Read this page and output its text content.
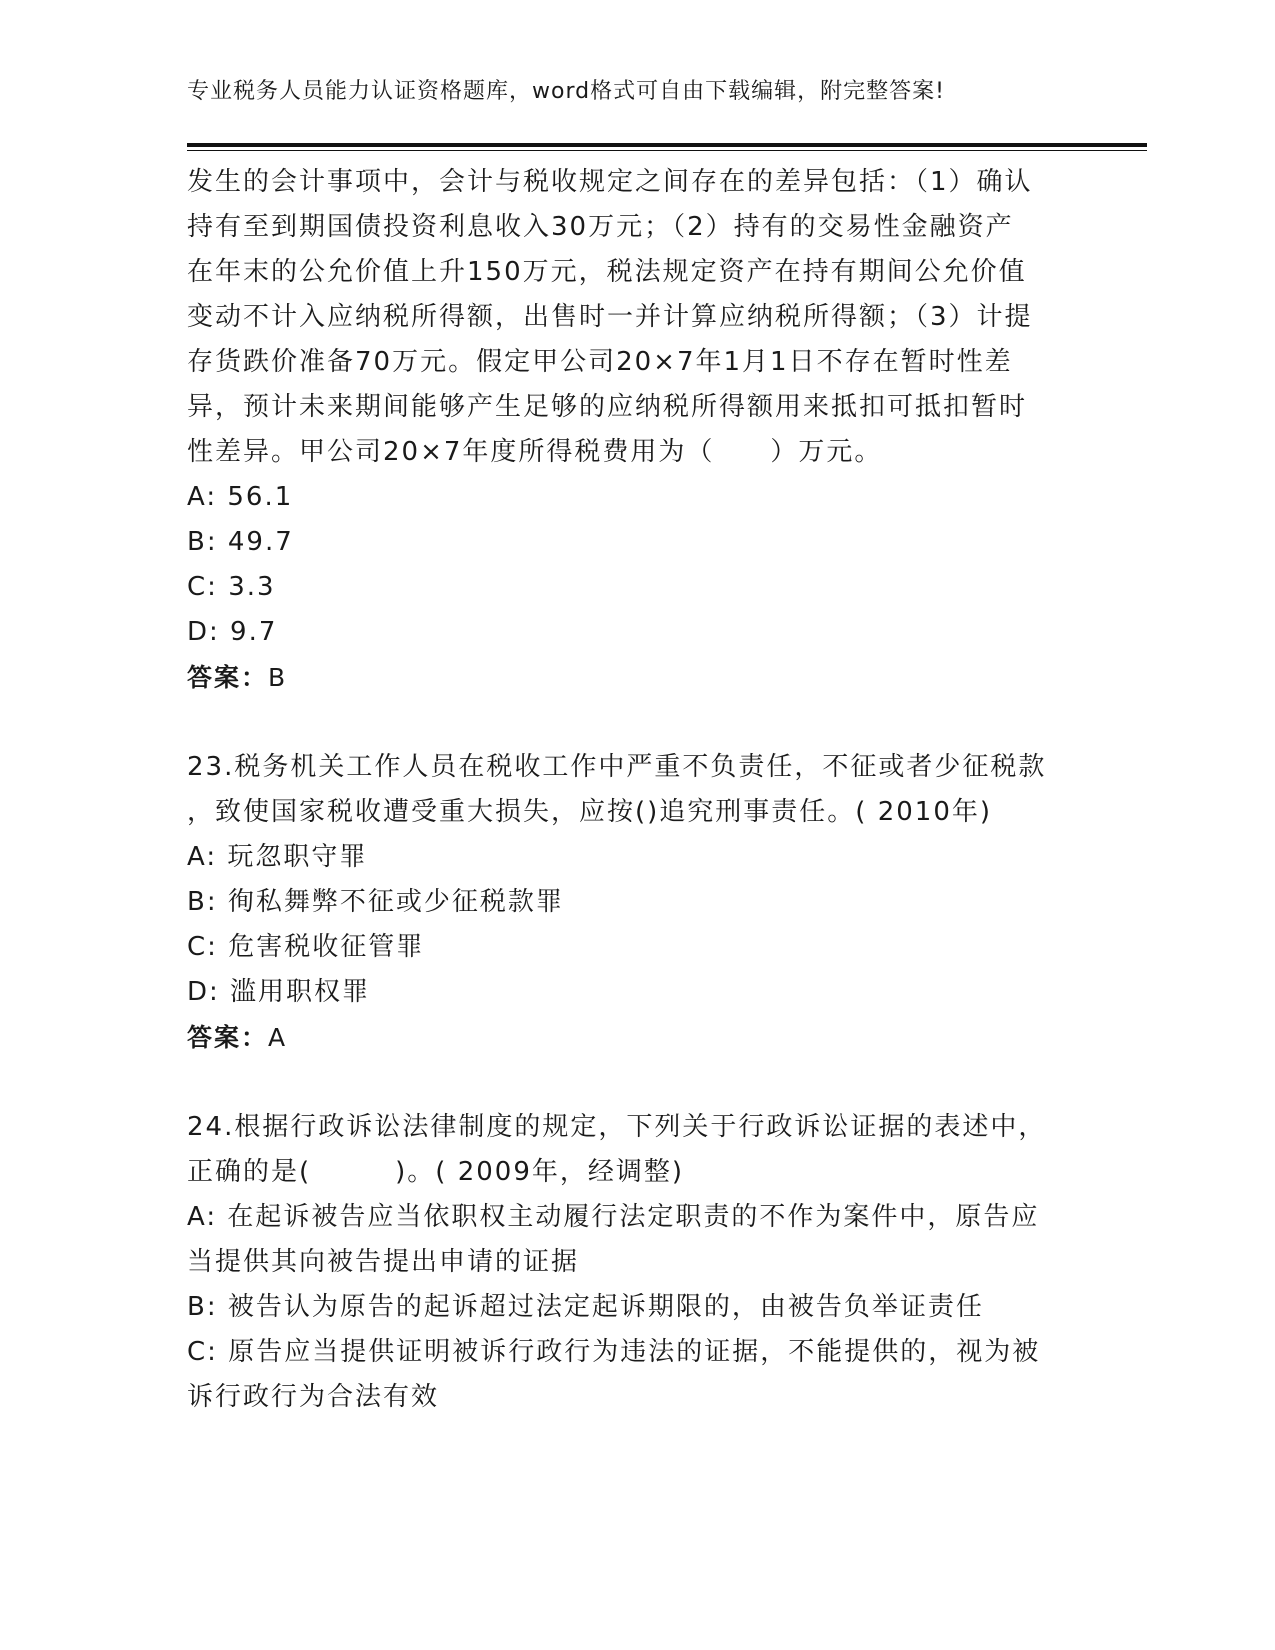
专业税务人员能力认证资格题库，word格式可自由下载编辑，附完整答案!

发生的会计事项中，会计与税收规定之间存在的差异包括：（1）确认

持有至到期国债投资利息收入30万元；（2）持有的交易性金融资产

在年末的公允价值上升150万元，税法规定资产在持有期间公允价值

变动不计入应纳税所得额，出售时一并计算应纳税所得额；（3）计提

存货跌价准备70万元。假定甲公司20×7年1月1日不存在暂时性差

异，预计未来期间能够产生足够的应纳税所得额用来抵扣可抵扣暂时

性差异。甲公司20×7年度所得税费用为（　　）万元。

A: 56.1

B: 49.7

C: 3.3

D: 9.7

答案：B

23.税务机关工作人员在税收工作中严重不负责任，不征或者少征税款

，致使国家税收遭受重大损失，应按()追究刑事责任。( 2010年)

A: 玩忽职守罪

B: 徇私舞弊不征或少征税款罪

C: 危害税收征管罪

D: 滥用职权罪

答案：A

24.根据行政诉讼法律制度的规定，下列关于行政诉讼证据的表述中，

正确的是(　　　)。( 2009年，经调整)

A: 在起诉被告应当依职权主动履行法定职责的不作为案件中，原告应

当提供其向被告提出申请的证据

B: 被告认为原告的起诉超过法定起诉期限的，由被告负举证责任

C: 原告应当提供证明被诉行政行为违法的证据，不能提供的，视为被

诉行政行为合法有效
